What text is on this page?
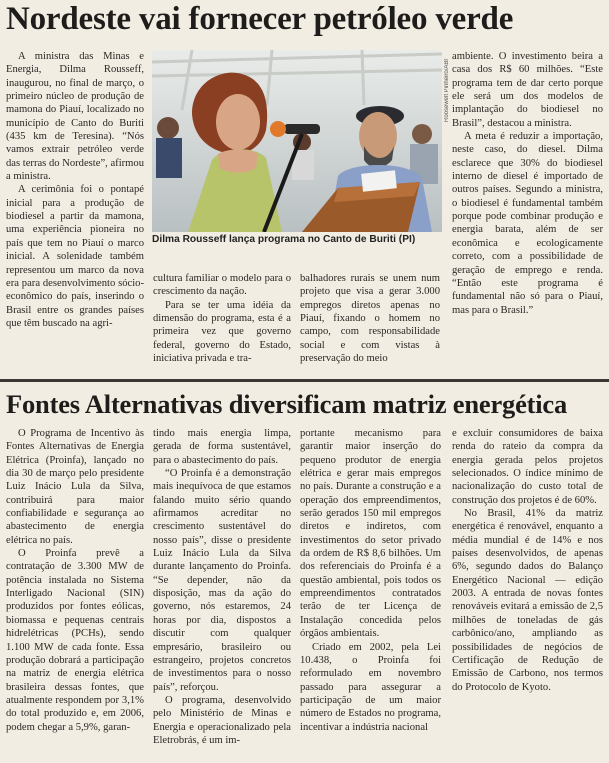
Nordeste vai fornecer petróleo verde

A ministra das Minas e Energia, Dilma Rousseff, inaugurou, no final de março, o primeiro núcleo de produção de mamona do Piauí, localizado no município de Canto do Buriti (435 km de Teresina). “Nós vamos extrair petróleo verde das terras do Nordeste”, afirmou a ministra.

A cerimônia foi o pontapé inicial para a produção de biodiesel a partir da mamona, uma experiência pioneira no país que tem no Piauí o marco inicial. A solenidade também representou um marco da nova era para desenvolvimento sócio-econômico do país, inserindo o Brasil entre os grandes países que têm buscado na agri-

Roosewelt Pinheiro/ABr
Dilma Rousseff lança programa no Canto de Buriti (PI)

cultura familiar o modelo para o crescimento da nação.

Para se ter uma idéia da dimensão do programa, esta é a primeira vez que governo federal, governo do Estado, iniciativa privada e tra-

balhadores rurais se unem num projeto que visa a gerar 3.000 empregos diretos apenas no Piauí, fixando o homem no campo, com responsabilidade social e com vistas à preservação do meio

ambiente. O investimento beira a casa dos R$ 60 milhões. “Este programa tem de dar certo porque ele será um dos modelos de implantação do biodiesel no Brasil”, destacou a ministra.

A meta é reduzir a importação, neste caso, do diesel. Dilma esclarece que 30% do biodiesel interno de diesel é importado de outros países. Segundo a ministra, o biodiesel é fundamental também porque pode combinar produção e energia barata, além de ser econômica e ecologicamente correto, com a possibilidade de geração de emprego e renda. “Então este programa é fundamental não só para o Piauí, mas para o Brasil.”

Fontes Alternativas diversificam matriz energética

O Programa de Incentivo às Fontes Alternativas de Energia Elétrica (Proinfa), lançado no dia 30 de março pelo presidente Luiz Inácio Lula da Silva, contribuirá para maior confiabilidade e segurança ao abastecimento de energia elétrica no país.

O Proinfa prevê a contratação de 3.300 MW de potência instalada no Sistema Interligado Nacional (SIN) produzidos por fontes eólicas, biomassa e pequenas centrais hidrelétricas (PCHs), sendo 1.100 MW de cada fonte. Essa produção dobrará a participação na matriz de energia elétrica brasileira dessas fontes, que atualmente respondem por 3,1% do total produzido e, em 2006, podem chegar a 5,9%, garan-

tindo mais energia limpa, gerada de forma sustentável, para o abastecimento do país.

“O Proinfa é a demonstração mais inequívoca de que estamos falando muito sério quando afirmamos acreditar no crescimento sustentável do nosso país”, disse o presidente Luiz Inácio Lula da Silva durante lançamento do Proinfa. “Se depender, não da disposição, mas da ação do governo, nós estaremos, 24 horas por dia, dispostos a discutir com qualquer empresário, brasileiro ou estrangeiro, projetos concretos de investimentos para o nosso país”, reforçou.

O programa, desenvolvido pelo Ministério de Minas e Energia e operacionalizado pela Eletrobrás, é um im-

portante mecanismo para garantir maior inserção do pequeno produtor de energia elétrica e gerar mais empregos no país. Durante a construção e a operação dos empreendimentos, serão gerados 150 mil empregos diretos e indiretos, com investimentos do setor privado da ordem de R$ 8,6 bilhões. Um dos referenciais do Proinfa é a questão ambiental, pois todos os empreendimentos contratados terão de ter Licença de Instalação concedida pelos órgãos ambientais.

Criado em 2002, pela Lei 10.438, o Proinfa foi reformulado em novembro passado para assegurar a participação de um maior número de Estados no programa, incentivar a indústria nacional

e excluir consumidores de baixa renda do rateio da compra da energia gerada pelos projetos selecionados. O índice mínimo de nacionalização do custo total de construção dos projetos é de 60%.

No Brasil, 41% da matriz energética é renovável, enquanto a média mundial é de 14% e nos países desenvolvidos, de apenas 6%, segundo dados do Balanço Energético Nacional — edição 2003. A entrada de novas fontes renováveis evitará a emissão de 2,5 milhões de toneladas de gás carbônico/ano, ampliando as possibilidades de negócios de Certificação de Redução de Emissão de Carbono, nos termos do Protocolo de Kyoto.
